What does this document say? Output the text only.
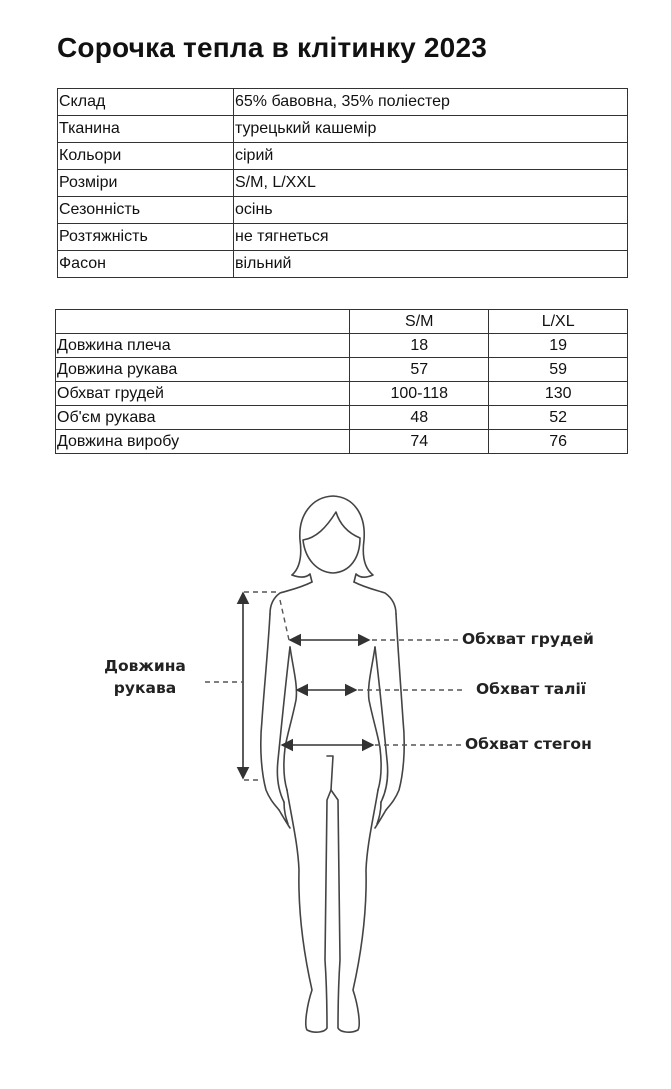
Сорочка тепла в клітинку 2023
Склад	65% бавовна, 35% поліестер
Тканина	турецький кашемір
Кольори	сірий
Розміри	S/M, L/XXL
Сезонність	осінь
Розтяжність	не тягнеться
Фасон	вільний
	S/M	L/XL
Довжина плеча	18	19
Довжина рукава	57	59
Обхват грудей	100-118	130
Об'єм рукава	48	52
Довжина виробу	74	76
Довжина
рукава
Обхват грудей
Обхват талії
Обхват стегон
